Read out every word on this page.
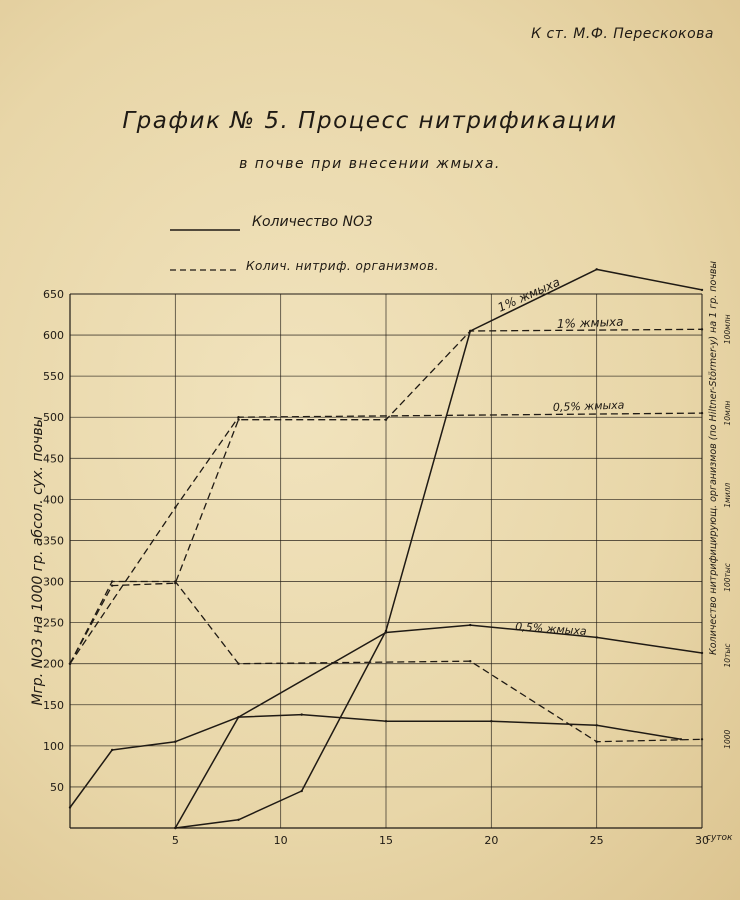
К ст. М.Ф. Перескокова
График № 5. Процесс нитрификации
в почве при внесении жмыха.
Количество NO3
Колич. нитриф. организмов.
50
100
150
200
250
300
350
400
450
500
550
600
650
5	10	15	20	25	30
суток
1% жмыха
0,5% жмыха
1% жмыха
0,5% жмыха
Мгр. NO3 на 1000 гр. абсол. сух. почвы	Количество нитрифицирующ. организмов (по Hiltner-Störmer-у) на 1 гр. почвы 100млн
10млн
1милл
100тыс
10тыс
1000
